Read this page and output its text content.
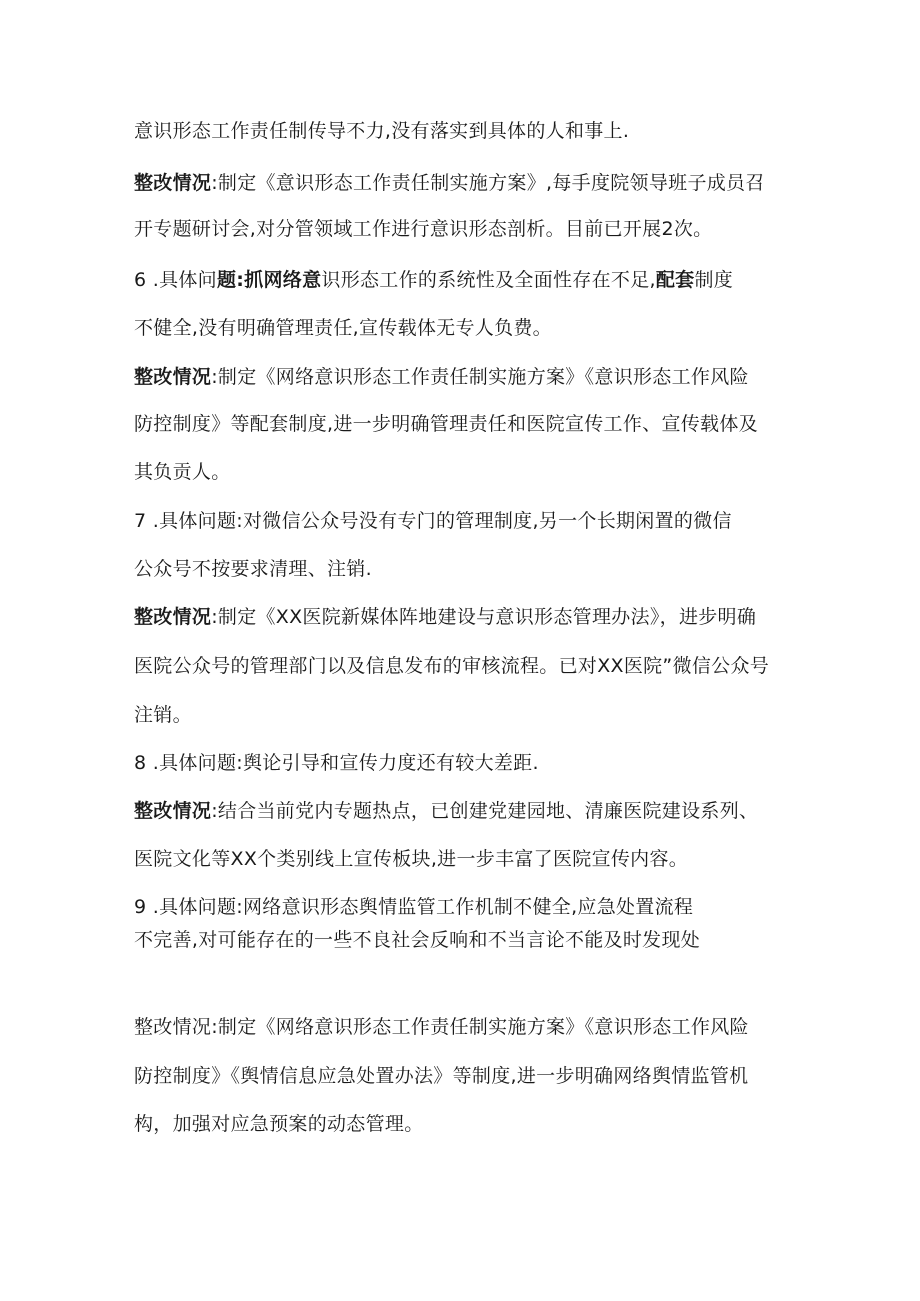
意识形态工作责任制传导不力,没有落实到具体的人和事上.
整改情况:制定《意识形态工作责任制实施方案》,每手度院领导班子成员召
开专题研讨会,对分管领域工作进行意识形态剖析。目前已开展2次。
6 .具体问题:抓网络意识形态工作的系统性及全面性存在不足,配套制度
不健全,没有明确管理责任,宣传载体无专人负费。
整改情况:制定《网络意识形态工作责任制实施方案》《意识形态工作风险
防控制度》等配套制度,进一步明确管理责任和医院宣传工作、宣传载体及
其负贡人。
7 .具体问题:对微信公众号没有专门的管理制度,另一个长期闲置的微信
公众号不按要求清理、注销.
整改情况:制定《XX医院新媒体阵地建设与意识形态管理办法》，进步明确
医院公众号的管理部门以及信息发布的审核流程。已对XX医院”微信公众号
注销。
8 .具体问题:舆论引导和宣传力度还有较大差距.
整改情况:结合当前党内专题热点，已创建党建园地、清廉医院建设系列、
医院文化等XX个类别线上宣传板块,进一步丰富了医院宣传内容。
9 .具体问题:网络意识形态舆情监管工作机制不健全,应急处置流程
不完善,对可能存在的一些不良社会反响和不当言论不能及时发现处
整改情况:制定《网络意识形态工作责任制实施方案》《意识形态工作风险
防控制度》《舆情信息应急处置办法》等制度,进一步明确网络舆情监管机
构，加强对应急预案的动态管理。
